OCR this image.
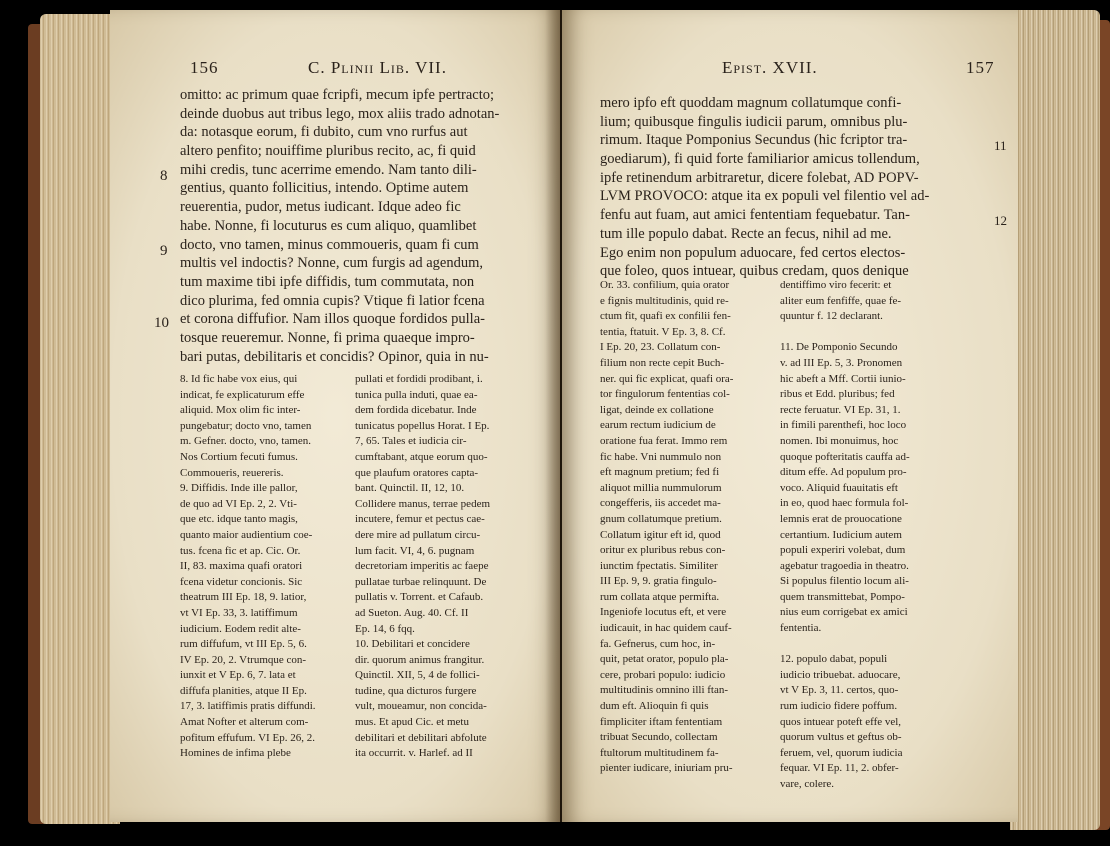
156	C. Plinii Lib. VII.
8
9
10
omitto: ac primum quae fcripfi, mecum ipfe pertracto;
deinde duobus aut tribus lego, mox aliis trado adnotan-
da: notasque eorum, fi dubito, cum vno rurfus aut
altero penfito; nouiffime pluribus recito, ac, fi quid
mihi credis, tunc acerrime emendo. Nam tanto dili-
gentius, quanto follicitius, intendo. Optime autem
reuerentia, pudor, metus iudicant. Idque adeo fic
habe. Nonne, fi locuturus es cum aliquo, quamlibet
docto, vno tamen, minus commoueris, quam fi cum
multis vel indoctis? Nonne, cum furgis ad agendum,
tum maxime tibi ipfe diffidis, tum commutata, non
dico plurima, fed omnia cupis? Vtique fi latior fcena
et corona diffufior. Nam illos quoque fordidos pulla-
tosque reueremur. Nonne, fi prima quaeque impro-
bari putas, debilitaris et concidis? Opinor, quia in nu-
8. Id fic habe vox eius, qui
indicat, fe explicaturum effe
aliquid. Mox olim fic inter-
pungebatur; docto vno, tamen
m. Gefner. docto, vno, tamen.
Nos Cortium fecuti fumus.
Commoueris, reuereris.
9. Diffidis. Inde ille pallor,
de quo ad VI Ep. 2, 2. Vti-
que etc. idque tanto magis,
quanto maior audientium coe-
tus. fcena fic et ap. Cic. Or.
II, 83. maxima quafi oratori
fcena videtur concionis. Sic
theatrum III Ep. 18, 9. latior,
vt VI Ep. 33, 3. latiffimum
iudicium. Eodem redit alte-
rum diffufum, vt III Ep. 5, 6.
IV Ep. 20, 2. Vtrumque con-
iunxit et V Ep. 6, 7. lata et
diffufa planities, atque II Ep.
17, 3. latiffimis pratis diffundi.
Amat Nofter et alterum com-
pofitum effufum. VI Ep. 26, 2.
Homines de infima plebe
pullati et fordidi prodibant, i.
tunica pulla induti, quae ea-
dem fordida dicebatur. Inde
tunicatus popellus Horat. I Ep.
7, 65. Tales et iudicia cir-
cumftabant, atque eorum quo-
que plaufum oratores capta-
bant. Quinctil. II, 12, 10.
Collidere manus, terrae pedem
incutere, femur et pectus cae-
dere mire ad pullatum circu-
lum facit. VI, 4, 6. pugnam
decretoriam imperitis ac faepe
pullatae turbae relinquunt. De
pullatis v. Torrent. et Cafaub.
ad Sueton. Aug. 40. Cf. II
Ep. 14, 6 fqq.
10. Debilitari et concidere
dir. quorum animus frangitur.
Quinctil. XII, 5, 4 de follici-
tudine, qua dicturos furgere
vult, moueamur, non concida-
mus. Et apud Cic. et metu
debilitari et debilitari abfolute
ita occurrit. v. Harlef. ad II
Epist. XVII.	157
11
12
mero ipfo eft quoddam magnum collatumque confi-
lium; quibusque fingulis iudicii parum, omnibus plu-
rimum. Itaque Pomponius Secundus (hic fcriptor tra-
goediarum), fi quid forte familiarior amicus tollendum,
ipfe retinendum arbitraretur, dicere folebat, AD POPV-
LVM PROVOCO: atque ita ex populi vel filentio vel ad-
fenfu aut fuam, aut amici fententiam fequebatur. Tan-
tum ille populo dabat. Recte an fecus, nihil ad me.
Ego enim non populum aduocare, fed certos electos-
que foleo, quos intuear, quibus credam, quos denique
Or. 33. confilium, quia orator
e fignis multitudinis, quid re-
ctum fit, quafi ex confilii fen-
tentia, ftatuit. V Ep. 3, 8. Cf.
I Ep. 20, 23. Collatum con-
filium non recte cepit Buch-
ner. qui fic explicat, quafi ora-
tor fingulorum fententias col-
ligat, deinde ex collatione
earum rectum iudicium de
oratione fua ferat. Immo rem
fic habe. Vni nummulo non
eft magnum pretium; fed fi
aliquot millia nummulorum
congefferis, iis accedet ma-
gnum collatumque pretium.
Collatum igitur eft id, quod
oritur ex pluribus rebus con-
iunctim fpectatis. Similiter
III Ep. 9, 9. gratia fingulo-
rum collata atque permifta.
Ingeniofe locutus eft, et vere
iudicauit, in hac quidem cauf-
fa. Gefnerus, cum hoc, in-
quit, petat orator, populo pla-
cere, probari populo: iudicio
multitudinis omnino illi ftan-
dum eft. Alioquin fi quis
fimpliciter iftam fententiam
tribuat Secundo, collectam
ftultorum multitudinem fa-
pienter iudicare, iniuriam pru-
dentiffimo viro fecerit: et
aliter eum fenfiffe, quae fe-
quuntur f. 12 declarant.
11. De Pomponio Secundo
v. ad III Ep. 5, 3. Pronomen
hic abeft a Mff. Cortii iunio-
ribus et Edd. pluribus; fed
recte feruatur. VI Ep. 31, 1.
in fimili parenthefi, hoc loco
nomen. Ibi monuimus, hoc
quoque pofteritatis cauffa ad-
ditum effe. Ad populum pro-
voco. Aliquid fuauitatis eft
in eo, quod haec formula fol-
lemnis erat de prouocatione
certantium. Iudicium autem
populi experiri volebat, dum
agebatur tragoedia in theatro.
Si populus filentio locum ali-
quem transmittebat, Pompo-
nius eum corrigebat ex amici
fententia.
12. populo dabat, populi
iudicio tribuebat. aduocare,
vt V Ep. 3, 11. certos, quo-
rum iudicio fidere poffum.
quos intuear poteft effe vel,
quorum vultus et geftus ob-
feruem, vel, quorum iudicia
fequar. VI Ep. 11, 2. obfer-
vare, colere.
